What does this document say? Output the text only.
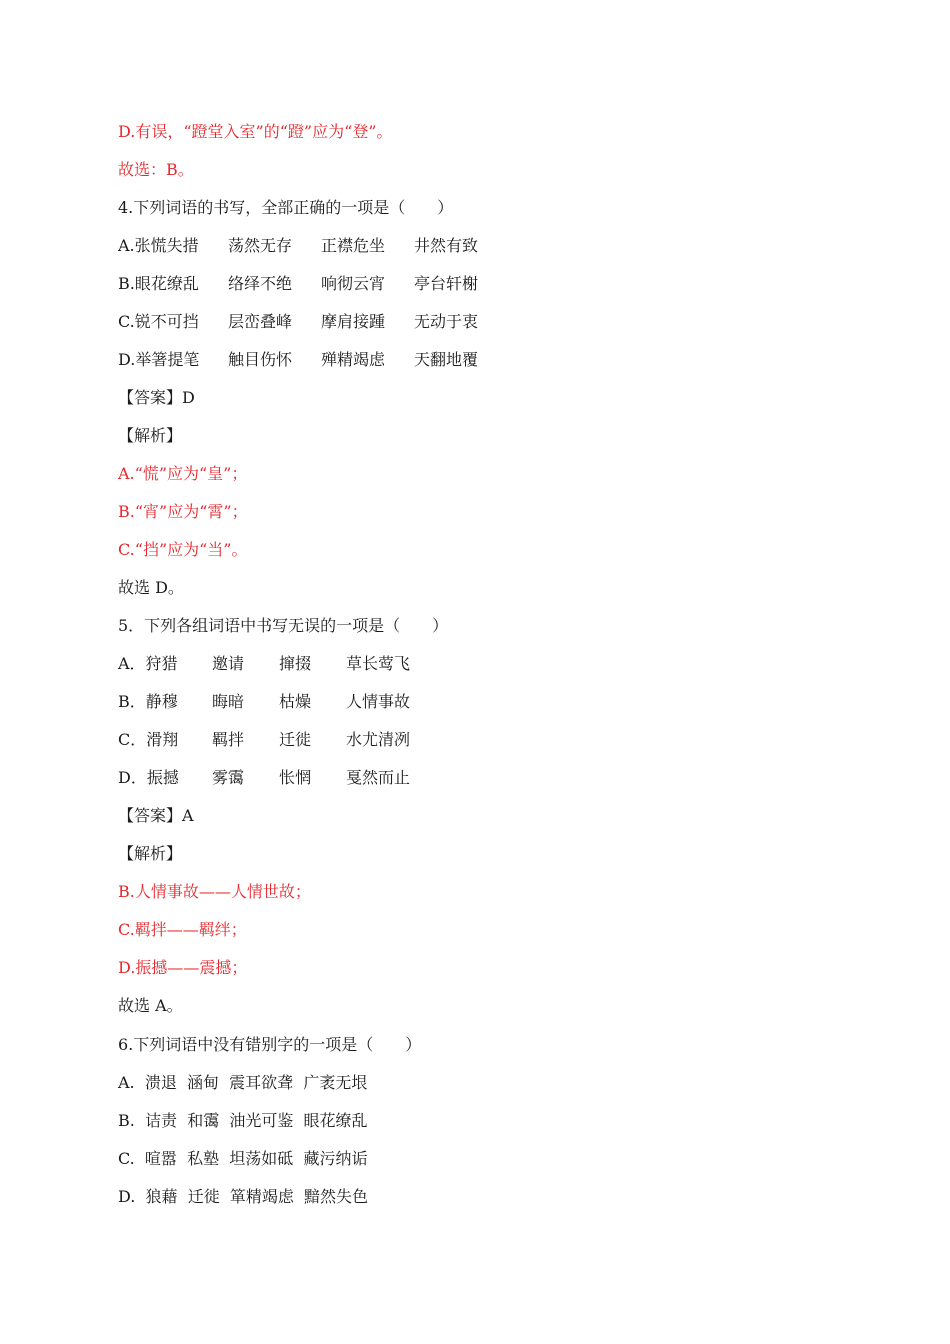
D.有误，“蹬堂入室”的“蹬”应为“登”。
故选：B。
4.下列词语的书写，全部正确的一项是（　　）

A.张慌失措

荡然无存

正襟危坐

井然有致

B.眼花缭乱

络绎不绝

响彻云宵

亭台轩榭

C.锐不可挡

层峦叠峰

摩肩接踵

无动于衷

D.举箸提笔

触目伤怀

殚精竭虑

天翻地覆

【答案】D
【解析】
A.“慌”应为“皇”；
B.“宵”应为“霄”；
C.“挡”应为“当”。
故选 D。
5．下列各组词语中书写无误的一项是（　　）

A．狩猎

邀请

撺掇

草长莺飞

B．静穆

晦暗

枯燥

人情事故

C．滑翔

羁拌

迁徙

水尤清冽

D．振撼

雾霭

怅惘

戛然而止

【答案】A
【解析】
B.人情事故——人情世故；
C.羁拌——羁绊；
D.振撼——震撼；
故选 A。
6.下列词语中没有错别字的一项是（　　）
A.  溃退  涵甸  震耳欲聋  广袤无垠
B.  诘责  和霭  油光可鉴  眼花缭乱
C.  喧嚣  私塾  坦荡如砥  藏污纳诟
D.  狼藉  迁徙  箪精竭虑  黯然失色
